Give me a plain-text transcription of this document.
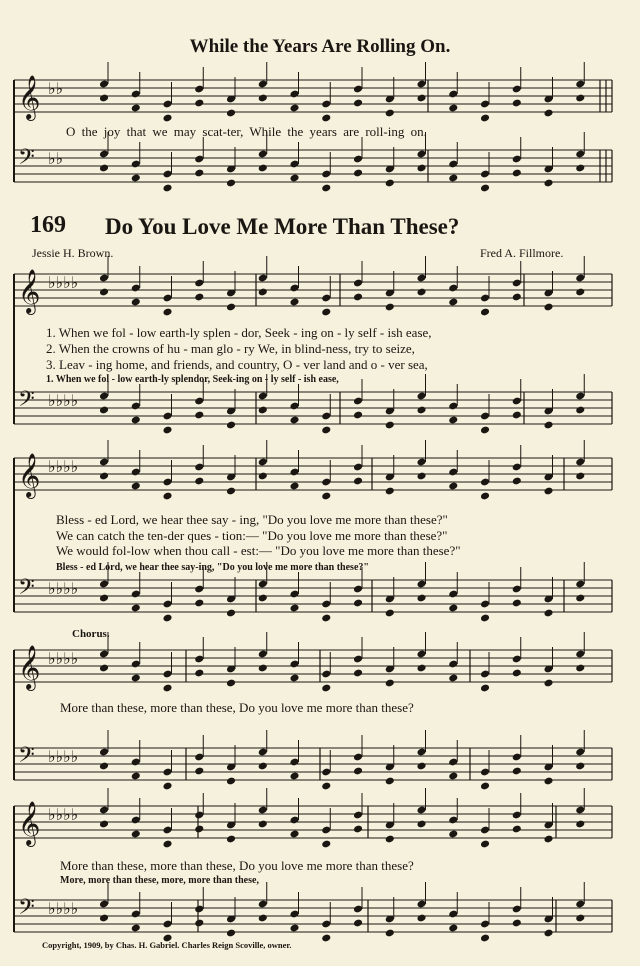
𝄞 ♭♭
𝄢 ♭♭
𝄞 ♭♭♭♭
𝄢 ♭♭♭♭
𝄞 ♭♭♭♭
𝄢 ♭♭♭♭
𝄞 ♭♭♭♭
𝄢 ♭♭♭♭
𝄞 ♭♭♭♭
𝄢 ♭♭♭♭
While the Years Are Rolling On.
O the joy that we may scat-ter, While the years are roll-ing on.
169 Do You Love Me More Than These?
Jessie H. Brown.	Fred A. Fillmore.
1. When we fol - low earth-ly splen - dor, Seek - ing on - ly self - ish ease,
2. When the crowns of hu - man glo - ry We, in blind-ness, try to seize,
3. Leav - ing home, and friends, and country, O - ver land and o - ver sea,
1. When we fol - low earth-ly splendor, Seek-ing on - ly self - ish ease,
Bless - ed Lord, we hear thee say - ing, "Do you love me more than these?"
We can catch the ten-der ques - tion:— "Do you love me more than these?"
We would fol-low when thou call - est:— "Do you love me more than these?"
Bless - ed Lord, we hear thee say-ing, "Do you love me more than these?"
Chorus.
More than these, more than these, Do you love me more than these?
More than these, more than these, Do you love me more than these?
More, more than these, more, more than these,
Copyright, 1909, by Chas. H. Gabriel. Charles Reign Scoville, owner.
